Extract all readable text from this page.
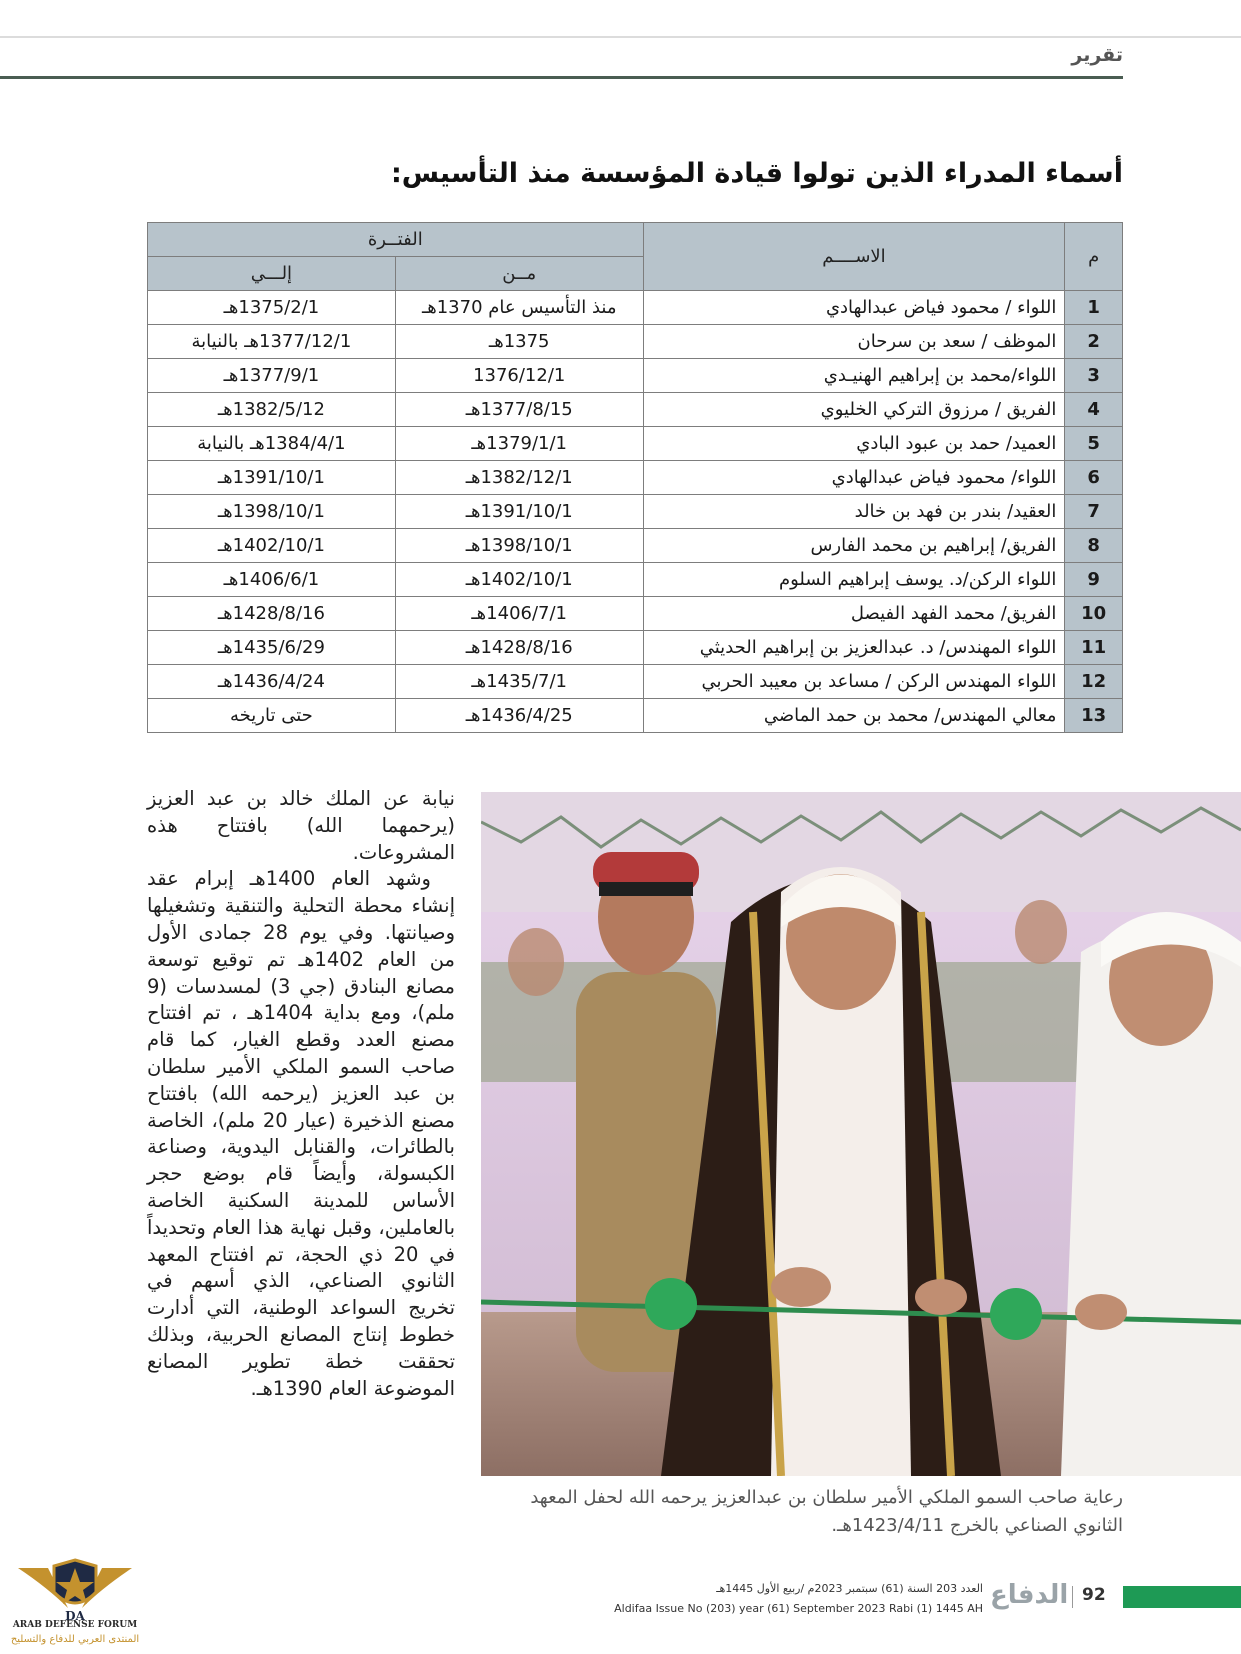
تقرير
أسماء المدراء الذين تولوا قيادة المؤسسة منذ التأسيس:
م	الاســــم	الفتــرة	
		مــن	إلـــي
1	اللواء / محمود فياض عبدالهادي	منذ التأسيس عام 1370هـ	1375/2/1هـ
2	الموظف / سعد بن سرحان	1375هـ	1377/12/1هـ بالنيابة
3	اللواء/محمد بن إبراهيم الهنيـدي	1376/12/1	1377/9/1هـ
4	الفريق / مرزوق التركي الخليوي	1377/8/15هـ	1382/5/12هـ
5	العميد/ حمد بن عبود البادي	1379/1/1هـ	1384/4/1هـ بالنيابة
6	اللواء/ محمود فياض عبدالهادي	1382/12/1هـ	1391/10/1هـ
7	العقيد/ بندر بن فهد بن خالد	1391/10/1هـ	1398/10/1هـ
8	الفريق/ إبراهيم بن محمد الفارس	1398/10/1هـ	1402/10/1هـ
9	اللواء الركن/د. يوسف إبراهيم السلوم	1402/10/1هـ	1406/6/1هـ
10	الفريق/ محمد الفهد الفيصل	1406/7/1هـ	1428/8/16هـ
11	اللواء المهندس/ د. عبدالعزيز بن إبراهيم الحديثي	1428/8/16هـ	1435/6/29هـ
12	اللواء المهندس الركن / مساعد بن معيبد الحربي	1435/7/1هـ	1436/4/24هـ
13	معالي المهندس/ محمد بن حمد الماضي	1436/4/25هـ	حتى تاريخه
رعاية صاحب السمو الملكي الأمير سلطان بن عبدالعزيز يرحمه الله لحفل المعهد الثانوي الصناعي بالخرج 1423/4/11هـ.

نيابة عن الملك خالد بن عبد العزيز (يرحمهما الله) بافتتاح هذه المشروعات.

وشهد العام 1400هـ إبرام عقد إنشاء محطة التحلية والتنقية وتشغيلها وصيانتها. وفي يوم 28 جمادى الأول من العام 1402هـ تم توقيع توسعة مصانع البنادق (جي 3) لمسدسات (9 ملم)، ومع بداية 1404هـ ، تم افتتاح مصنع العدد وقطع الغيار، كما قام صاحب السمو الملكي الأمير سلطان بن عبد العزيز (يرحمه الله) بافتتاح مصنع الذخيرة (عيار 20 ملم)، الخاصة بالطائرات، والقنابل اليدوية، وصناعة الكبسولة، وأيضاً قام بوضع حجر الأساس للمدينة السكنية الخاصة بالعاملين، وقبل نهاية هذا العام وتحديداً في 20 ذي الحجة، تم افتتاح المعهد الثانوي الصناعي، الذي أسهم في تخريج السواعد الوطنية، التي أدارت خطوط إنتاج المصانع الحربية، وبذلك تحققت خطة تطوير المصانع الموضوعة العام 1390هـ.

92
الدفاع
العدد 203 السنة (61) سبتمبر 2023م /ربيع الأول 1445هـ
Aldifaa Issue No (203) year (61) September 2023 Rabi (1) 1445 AH
DA
ARAB DEFENSE FORUM
المنتدى العربي للدفاع والتسليح
